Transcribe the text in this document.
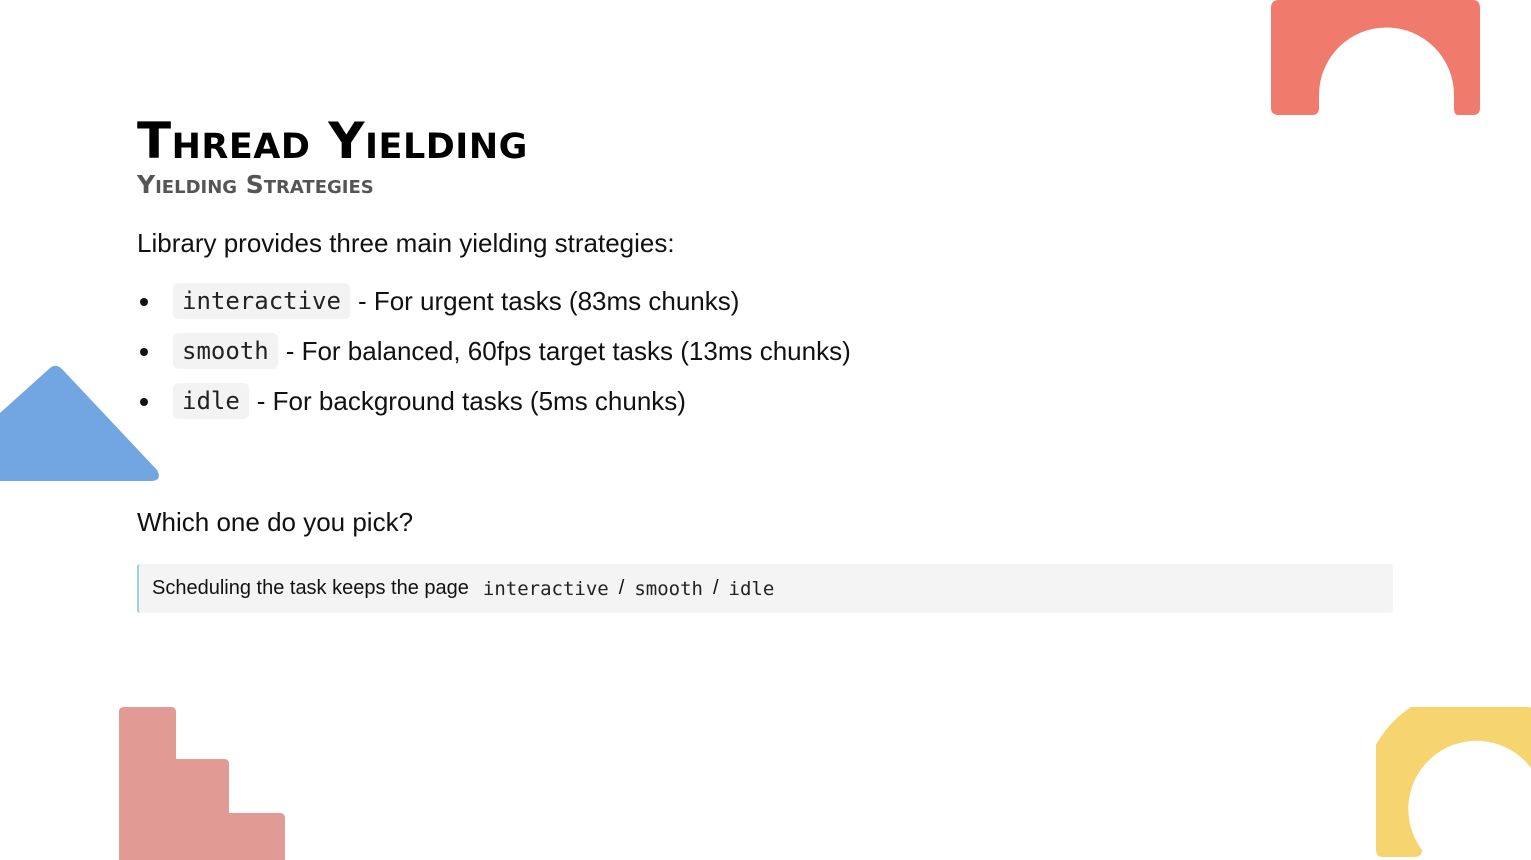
Thread Yielding
Yielding Strategies

Library provides three main yielding strategies:

interactive - For urgent tasks (83ms chunks)
smooth - For balanced, 60fps target tasks (13ms chunks)
idle - For background tasks (5ms chunks)

Which one do you pick?

Scheduling the task keeps the page interactive / smooth / idle
